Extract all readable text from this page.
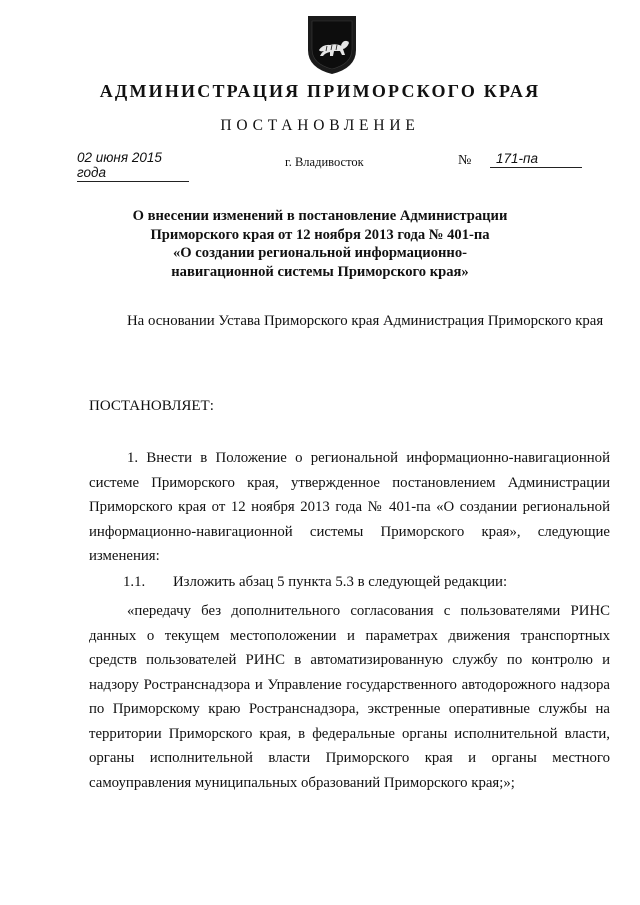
АДМИНИСТРАЦИЯ ПРИМОРСКОГО КРАЯ
ПОСТАНОВЛЕНИЕ
02 июня 2015 года
г. Владивосток	№	171-па
О внесении изменений в постановление Администрации
Приморского края от 12 ноября 2013 года № 401-па
«О создании региональной информационно-
навигационной системы Приморского края»
На основании Устава Приморского края Администрация Приморского края
ПОСТАНОВЛЯЕТ:
1. Внести в Положение о региональной информационно-навигационной системе Приморского края, утвержденное постановлением Администрации Приморского края от 12 ноября 2013 года № 401-па «О создании региональной информационно-навигационной системы Приморского края», следующие изменения:
1.1. Изложить абзац 5 пункта 5.3 в следующей редакции:
«передачу без дополнительного согласования с пользователями РИНС данных о текущем местоположении и параметрах движения транспортных средств пользователей РИНС в автоматизированную службу по контролю и надзору Ространснадзора и Управление государственного автодорожного надзора по Приморскому краю Ространснадзора, экстренные оперативные службы на территории Приморского края, в федеральные органы исполнительной власти, органы исполнительной власти Приморского края и органы местного самоуправления муниципальных образований Приморского края;»;
